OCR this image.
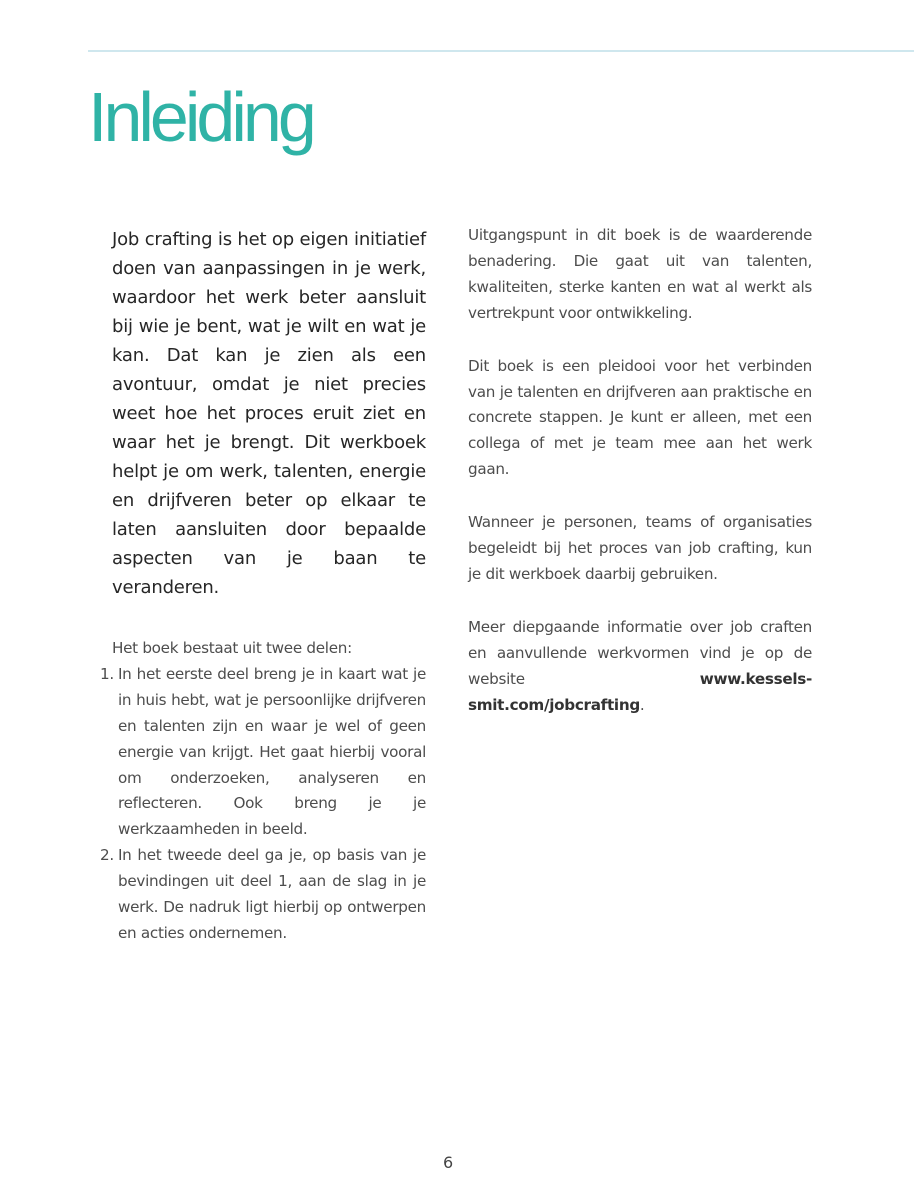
Inleiding

Job crafting is het op eigen initiatief doen van aanpassingen in je werk, waardoor het werk beter aansluit bij wie je bent, wat je wilt en wat je kan. Dat kan je zien als een avontuur, omdat je niet precies weet hoe het proces eruit ziet en waar het je brengt. Dit werkboek helpt je om werk, talenten, energie en drijfveren beter op elkaar te laten aansluiten door bepaalde aspecten van je baan te veranderen.

Het boek bestaat uit twee delen:

1. In het eerste deel breng je in kaart wat je in huis hebt, wat je persoonlijke drijfveren en talenten zijn en waar je wel of geen energie van krijgt. Het gaat hierbij vooral om onderzoeken, analyseren en reflecteren. Ook breng je je werkzaamheden in beeld.
2. In het tweede deel ga je, op basis van je bevindingen uit deel 1, aan de slag in je werk. De nadruk ligt hierbij op ontwerpen en acties ondernemen.

Uitgangspunt in dit boek is de waarderende benadering. Die gaat uit van talenten, kwaliteiten, sterke kanten en wat al werkt als vertrekpunt voor ontwikkeling.

Dit boek is een pleidooi voor het verbinden van je talenten en drijfveren aan praktische en concrete stappen. Je kunt er alleen, met een collega of met je team mee aan het werk gaan.

Wanneer je personen, teams of organisaties begeleidt bij het proces van job crafting, kun je dit werkboek daarbij gebruiken.

Meer diepgaande informatie over job craften en aanvullende werkvormen vind je op de website	www.kessels-smit.com/jobcrafting.

6
